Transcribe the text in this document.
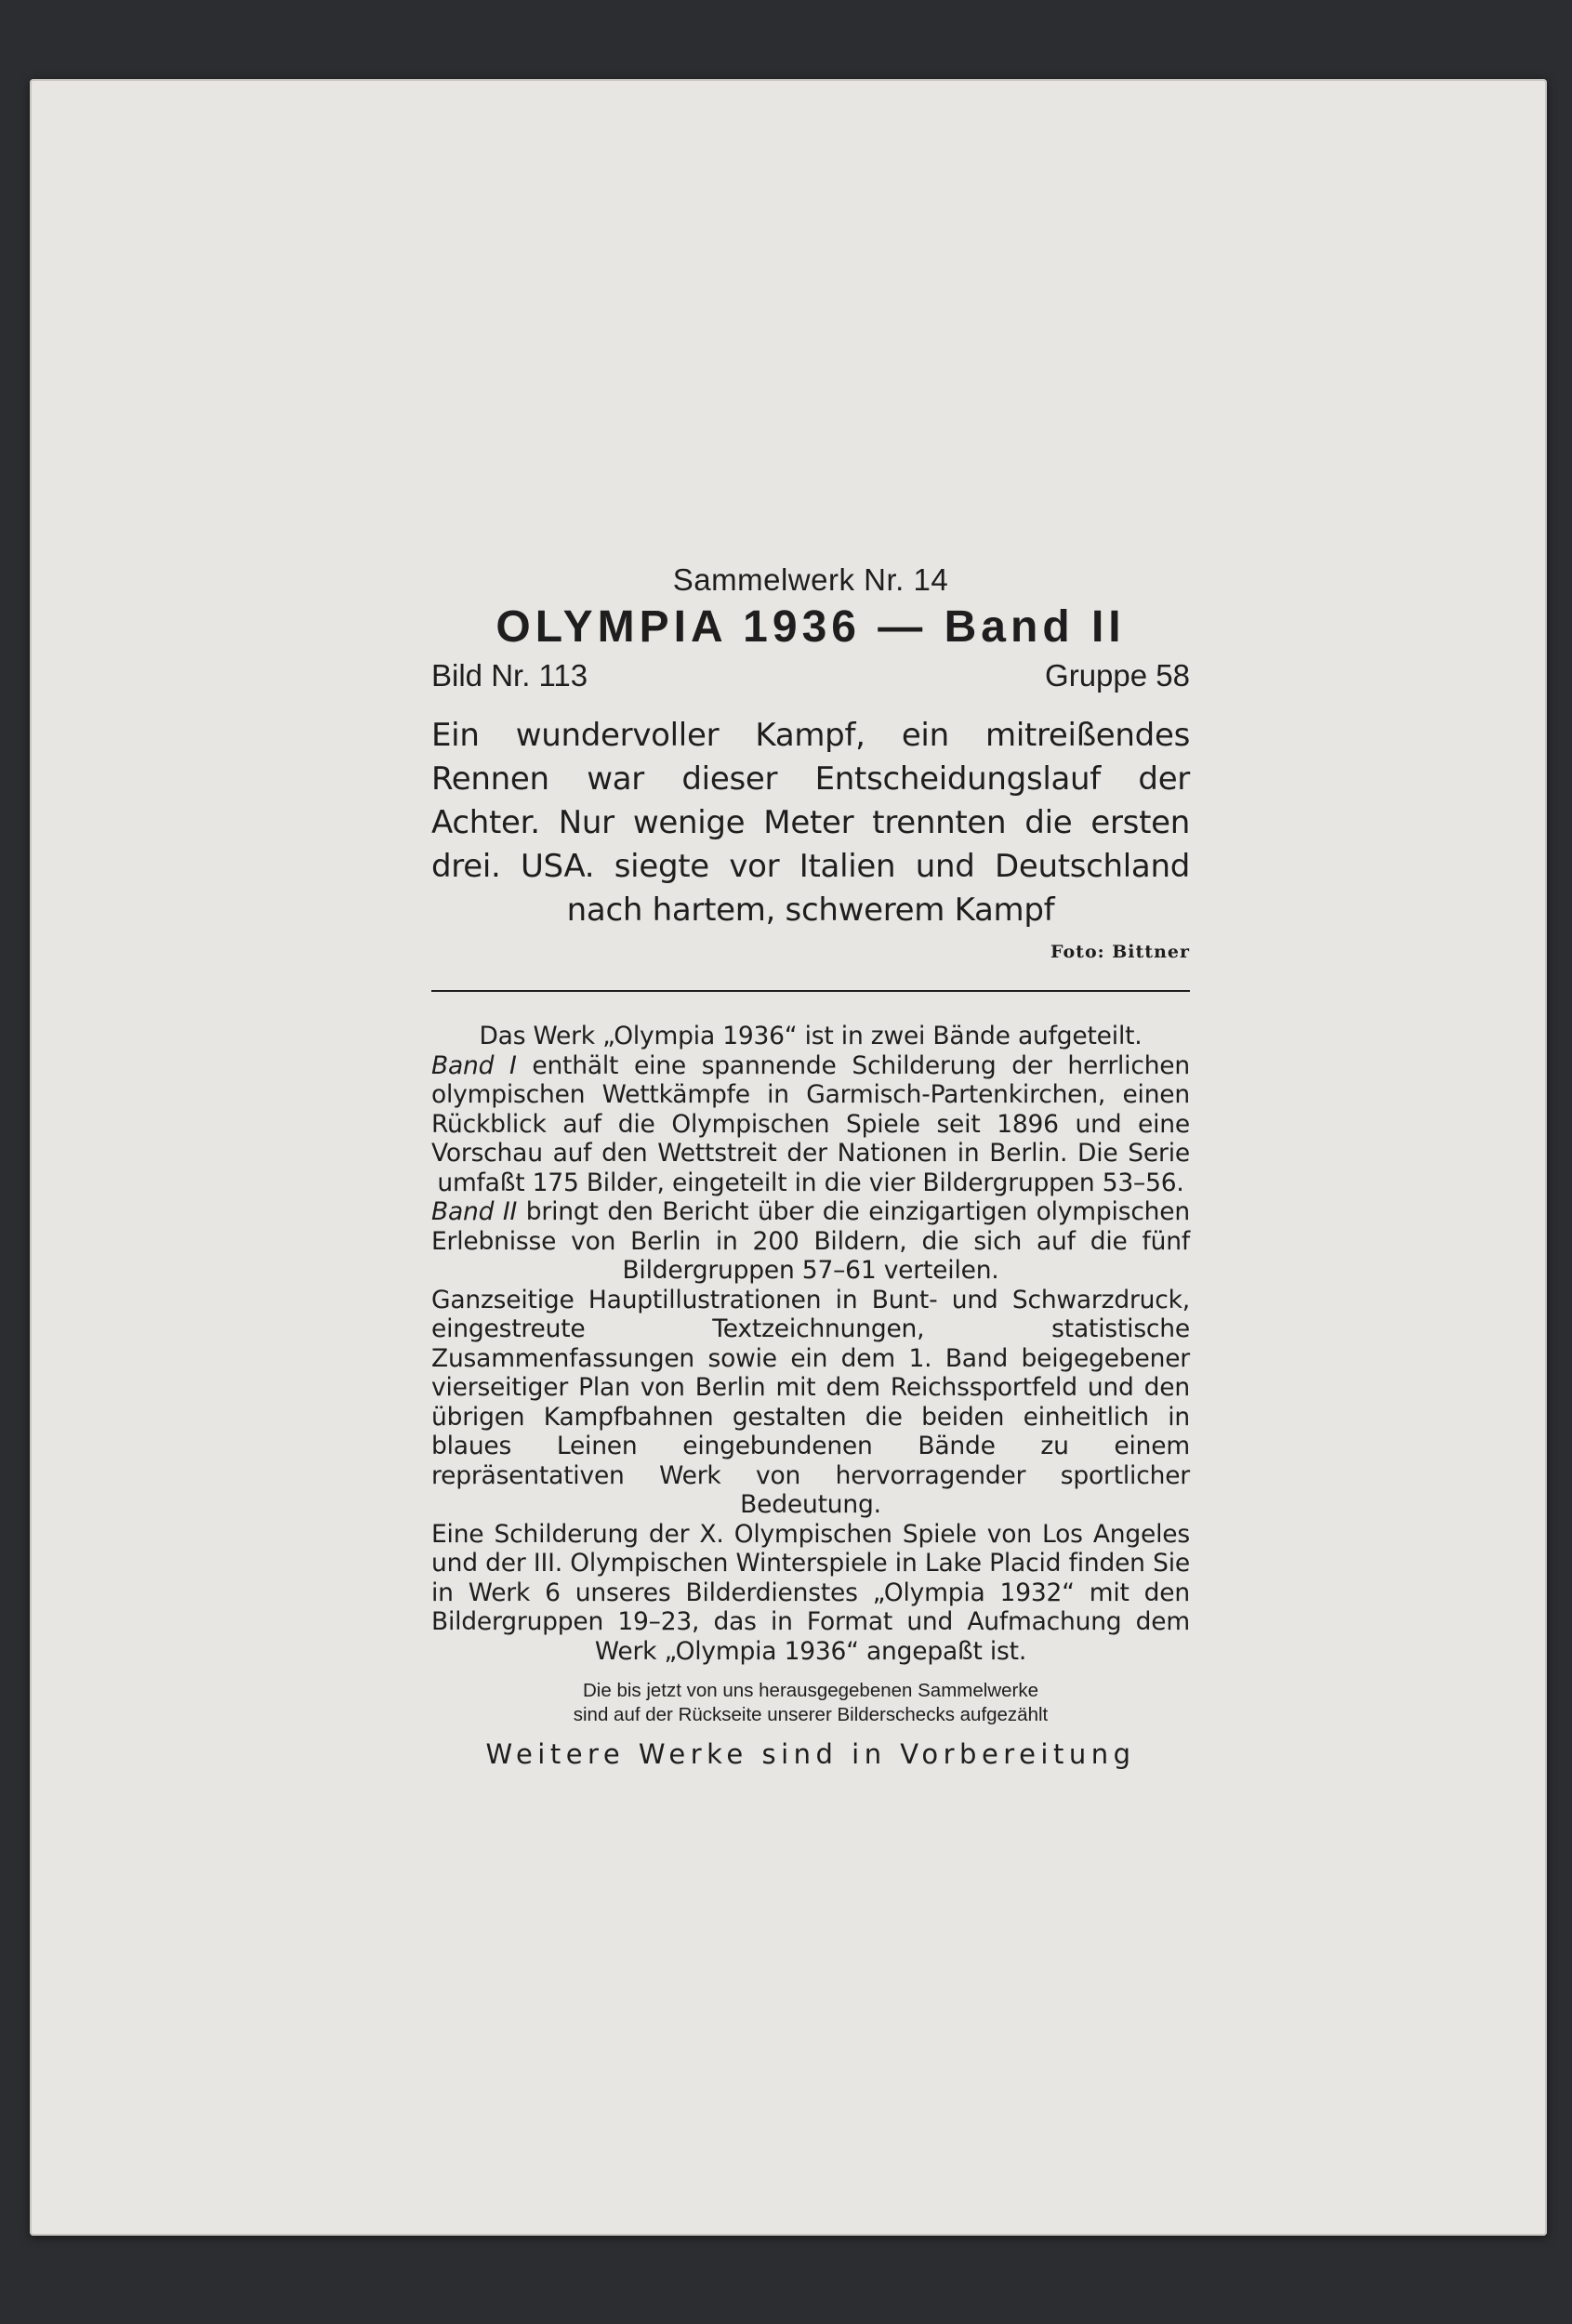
Sammelwerk Nr. 14
OLYMPIA 1936 — Band II
Bild Nr. 113	Gruppe 58
Ein wundervoller Kampf, ein mitreißendes Rennen war dieser Entscheidungslauf der Achter. Nur wenige Meter trennten die ersten drei. USA. siegte vor Italien und Deutschland nach hartem, schwerem Kampf
Foto: Bittner

Das Werk „Olympia 1936“ ist in zwei Bände aufgeteilt.

Band I enthält eine spannende Schilderung der herrlichen olympischen Wettkämpfe in Garmisch-Partenkirchen, einen Rückblick auf die Olympischen Spiele seit 1896 und eine Vorschau auf den Wettstreit der Nationen in Berlin. Die Serie umfaßt 175 Bilder, eingeteilt in die vier Bildergruppen 53–56.

Band II bringt den Bericht über die einzigartigen olympischen Erlebnisse von Berlin in 200 Bildern, die sich auf die fünf Bildergruppen 57–61 verteilen.

Ganzseitige Hauptillustrationen in Bunt- und Schwarzdruck, eingestreute Textzeichnungen, statistische Zusammenfassungen sowie ein dem 1. Band beigegebener vierseitiger Plan von Berlin mit dem Reichssportfeld und den übrigen Kampfbahnen gestalten die beiden einheitlich in blaues Leinen eingebundenen Bände zu einem repräsentativen Werk von hervorragender sportlicher Bedeutung.

Eine Schilderung der X. Olympischen Spiele von Los Angeles und der III. Olympischen Winterspiele in Lake Placid finden Sie in Werk 6 unseres Bilderdienstes „Olympia 1932“ mit den Bildergruppen 19–23, das in Format und Aufmachung dem Werk „Olympia 1936“ angepaßt ist.

Die bis jetzt von uns herausgegebenen Sammelwerke
sind auf der Rückseite unserer Bilderschecks aufgezählt
Weitere Werke sind in Vorbereitung
